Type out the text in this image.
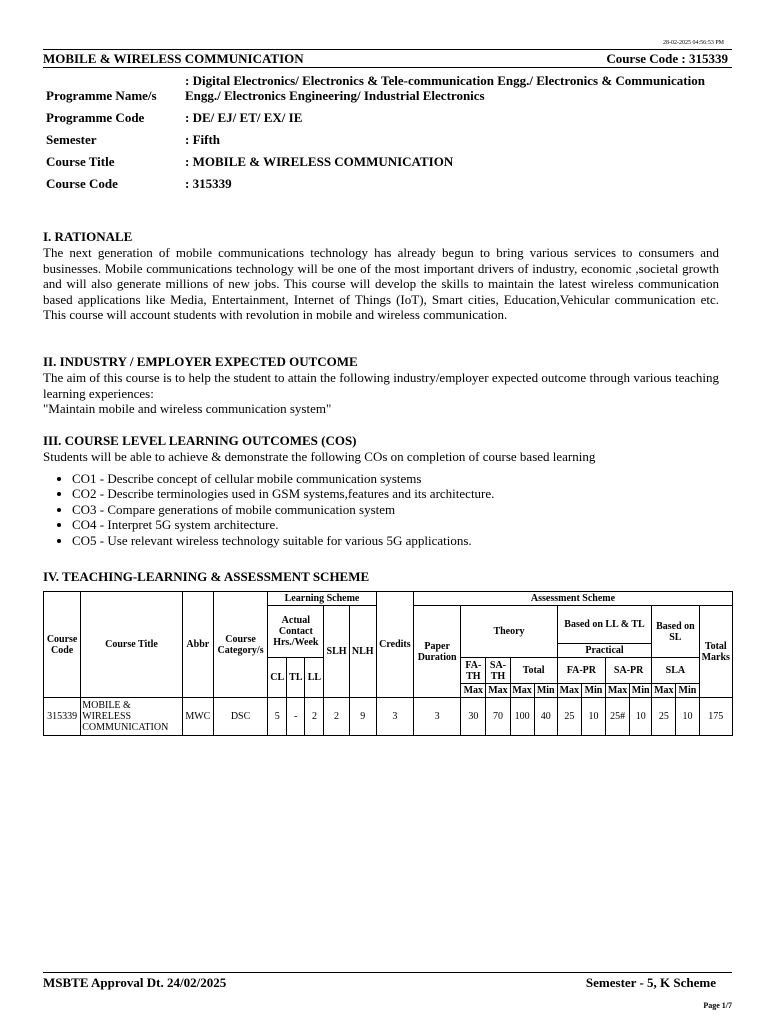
28-02-2025 04:56:53 PM
MOBILE & WIRELESS COMMUNICATION	Course Code : 315339
Programme Name/s
: Digital Electronics/ Electronics & Tele-communication Engg./ Electronics & Communication Engg./ Electronics Engineering/ Industrial Electronics
Programme Code	: DE/ EJ/ ET/ EX/ IE
Semester	: Fifth
Course Title	: MOBILE & WIRELESS COMMUNICATION
Course Code	: 315339
I. RATIONALE

The next generation of mobile communications technology has already begun to bring various services to consumers and businesses. Mobile communications technology will be one of the most important drivers of industry, economic ,societal growth and will also generate millions of new jobs. This course will develop the skills to maintain the latest wireless communication based applications like Media, Entertainment, Internet of Things (IoT), Smart cities, Education,Vehicular communication etc. This course will account students with revolution in mobile and wireless communication.

II. INDUSTRY / EMPLOYER EXPECTED OUTCOME

The aim of this course is to help the student to attain the following industry/employer expected outcome through various teaching learning experiences:

"Maintain mobile and wireless communication system"

III. COURSE LEVEL LEARNING OUTCOMES (COS)

Students will be able to achieve & demonstrate the following COs on completion of course based learning

• CO1 - Describe concept of cellular mobile communication systems
• CO2 - Describe terminologies used in GSM systems,features and its architecture.
• CO3 - Compare generations of mobile communication system
• CO4 - Interpret 5G system architecture.
• CO5 - Use relevant wireless technology suitable for various 5G applications.
IV. TEACHING-LEARNING & ASSESSMENT SCHEME
Course Code	Course Title	Abbr	Course Category/s	Learning Scheme					Credits	Assessment Scheme											
				Actual Contact Hrs./Week			SLH	NLH		Paper Duration	Theory				Based on LL & TL				Based on SL		Total Marks
															Practical						
				CL	TL	LL					FA-TH	SA-TH	Total		FA-PR		SA-PR		SLA		
											Max	Max	Max	Min	Max	Min	Max	Min	Max	Min	
315339	MOBILE & WIRELESS COMMUNICATION	MWC	DSC	5	-	2	2	9	3	3	30	70	100	40	25	10	25#	10	25	10	175
MSBTE Approval Dt. 24/02/2025	Semester - 5, K Scheme
Page 1/7
